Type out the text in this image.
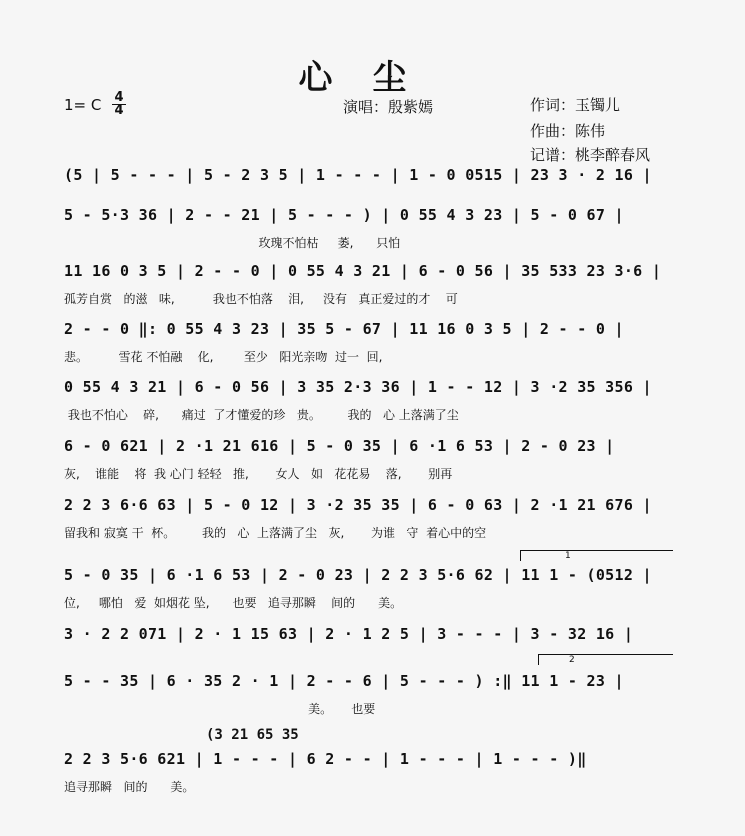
心尘
1= C 4
4	演唱：殷紫嫣	作词：玉镯儿
作曲：陈伟
记谱：桃李醉春风
(5 | 5 - - - | 5 - 2 3 5 | 1 - - - | 1 - 0 0515 | 23 3 · 2 16 |
5 - 5·3 36 | 2 - - 21 | 5 - - - ) | 0 55 4 3 23 | 5 - 0 67 |
玫瑰不怕枯     萎,      只怕
11 16 0 3 5 | 2 - - 0 | 0 55 4 3 21 | 6 - 0 56 | 35 533 23 3·6 |
孤芳自赏   的滋   味,          我也不怕落    泪,     没有   真正爱过的才    可
2 - - 0 ‖: 0 55 4 3 23 | 35 5 - 67 | 11 16 0 3 5 | 2 - - 0 |
悲。        雪花 不怕融    化,        至少   阳光亲吻  过一  回,
0 55 4 3 21 | 6 - 0 56 | 3 35 2·3 36 | 1 - - 12 | 3 ·2 35 356 |
我也不怕心    碎,      痛过  了才懂爱的珍   贵。       我的   心 上落满了尘
6 - 0 621 | 2 ·1 21 616 | 5 - 0 35 | 6 ·1 6 53 | 2 - 0 23 |
灰,    谁能    将  我 心门 轻轻   推,       女人   如   花花易    落,       别再
2 2 3 6·6 63 | 5 - 0 12 | 3 ·2 35 35 | 6 - 0 63 | 2 ·1 21 676 |
留我和 寂寞 干  杯。       我的   心  上落满了尘   灰,       为谁   守  着心中的空
1
5 - 0 35 | 6 ·1 6 53 | 2 - 0 23 | 2 2 3 5·6 62 | 11 1 - (0512 |
位,     哪怕   爱  如烟花 坠,      也要   追寻那瞬    间的      美。
3 · 2 2 071 | 2 · 1 15 63 | 2 · 1 2 5 | 3 - - - | 3 - 32 16 |
2
5 - - 35 | 6 · 35 2 · 1 | 2 - - 6 | 5 - - - ) :‖ 11 1 - 23 |
美。     也要
(3 21 65 35
2 2 3 5·6 621 | 1 - - - | 6 2 - - | 1 - - - | 1 - - - )‖
追寻那瞬   间的      美。
